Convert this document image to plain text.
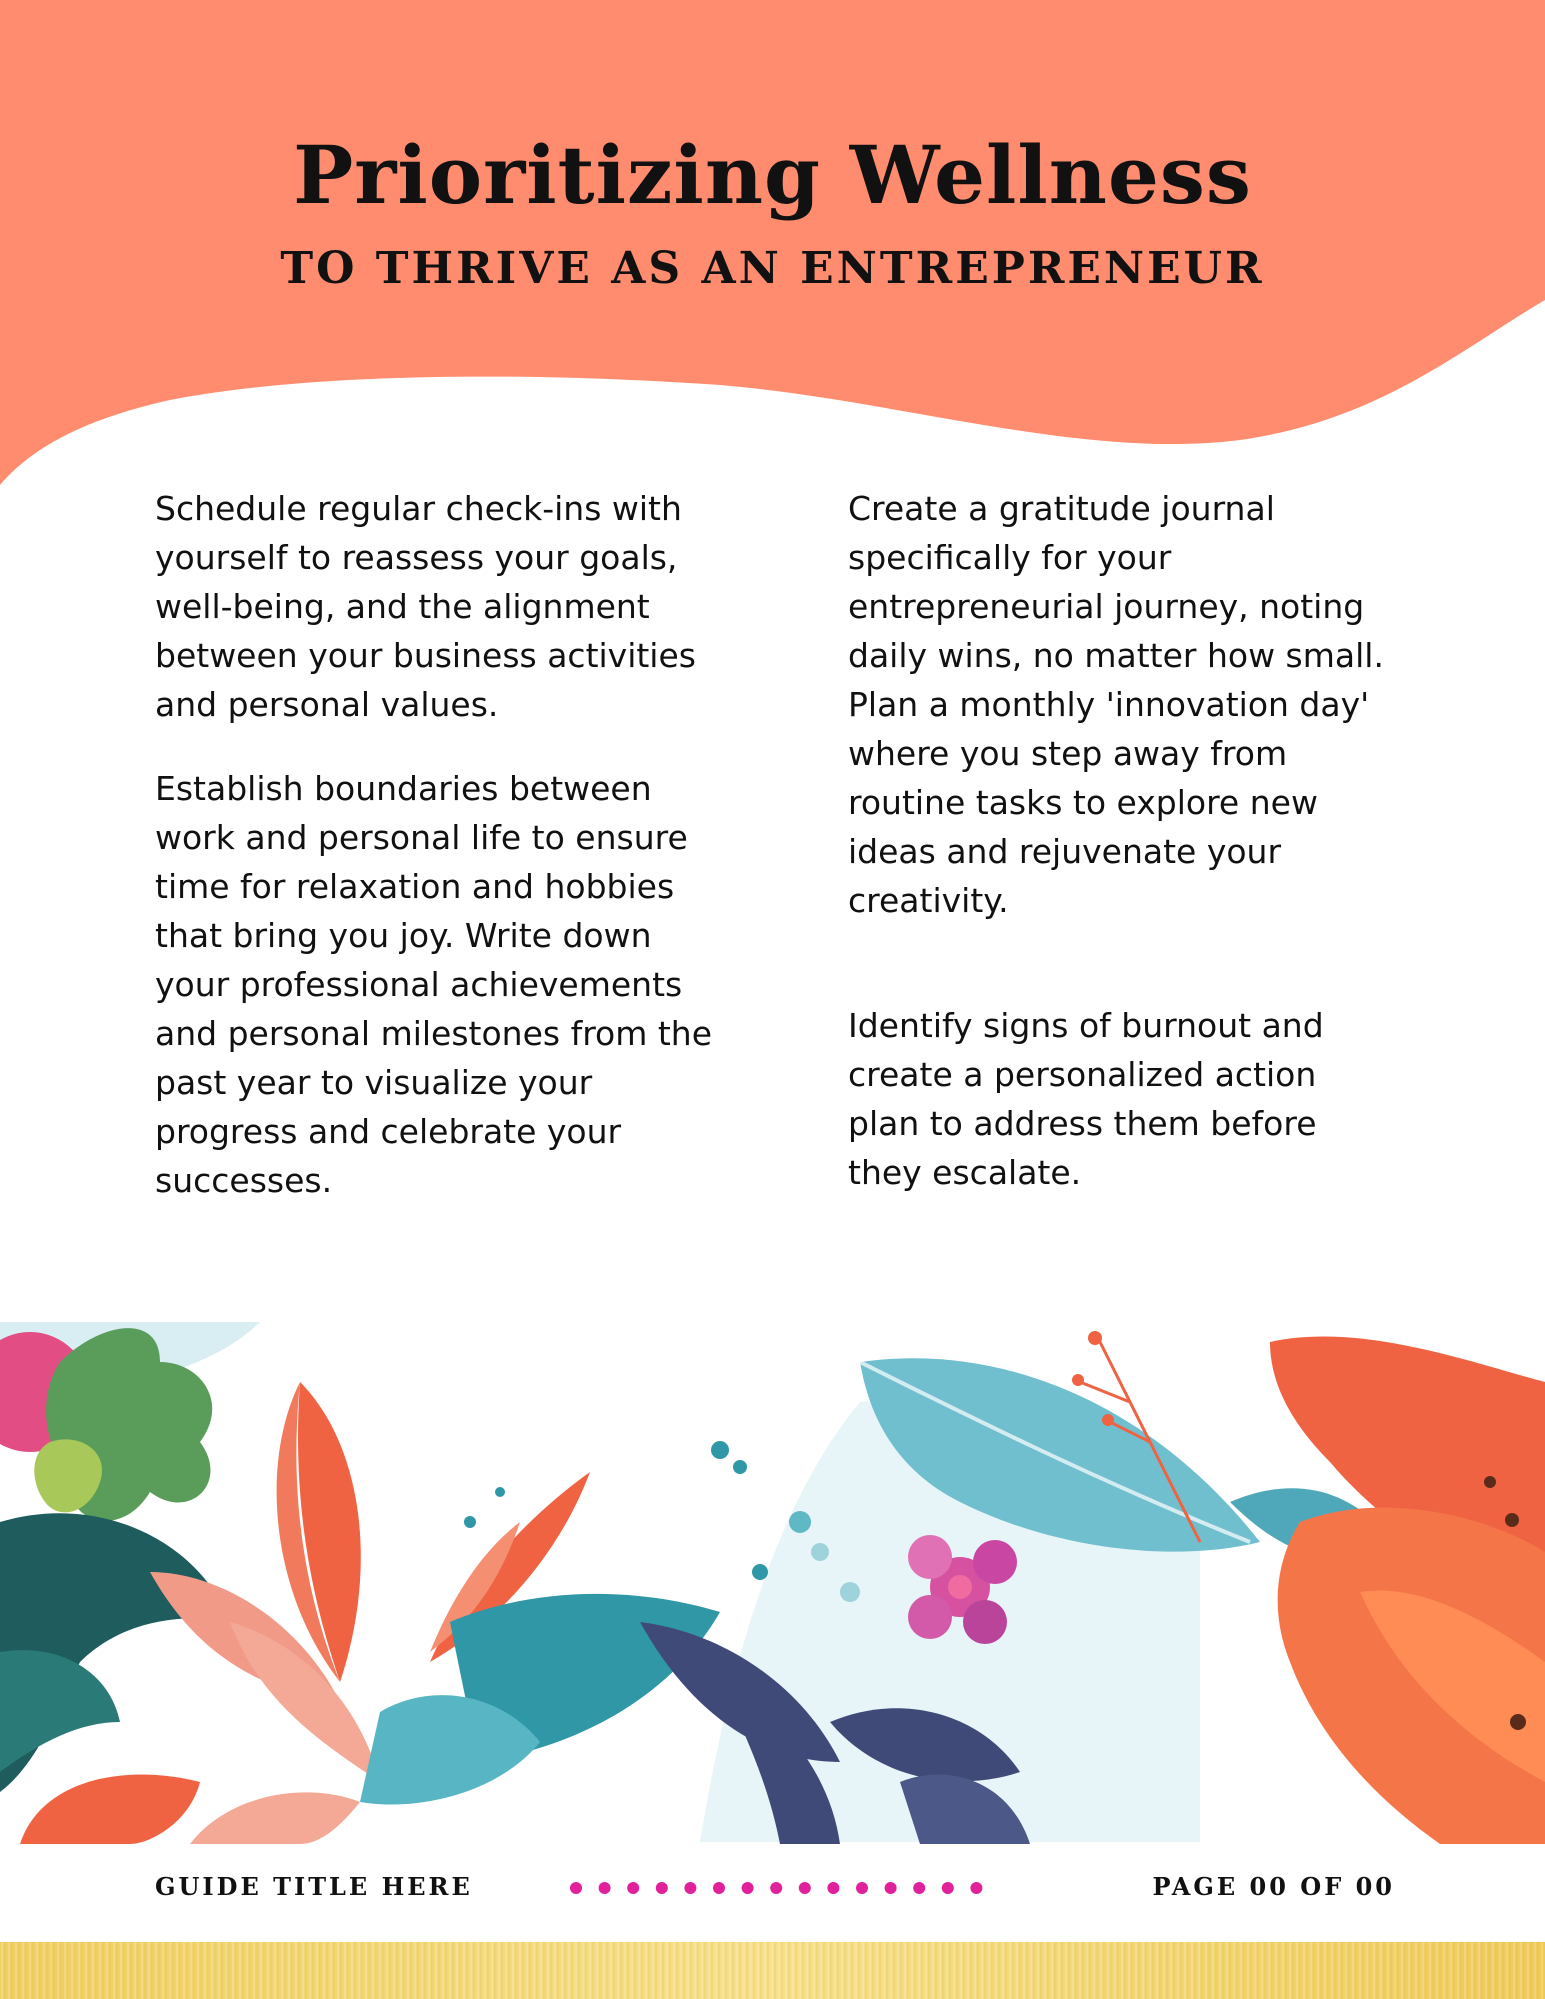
Prioritizing Wellness
TO THRIVE AS AN ENTREPRENEUR

Schedule regular check-ins with yourself to reassess your goals, well-being, and the alignment between your business activities and personal values.

Establish boundaries between work and personal life to ensure time for relaxation and hobbies that bring you joy. Write down your professional achievements and personal milestones from the past year to visualize your progress and celebrate your successes.

Create a gratitude journal specifically for your entrepreneurial journey, noting daily wins, no matter how small. Plan a monthly 'innovation day' where you step away from routine tasks to explore new ideas and rejuvenate your creativity.

Identify signs of burnout and create a personalized action plan to address them before they escalate.

GUIDE TITLE HERE	PAGE 00 OF 00
